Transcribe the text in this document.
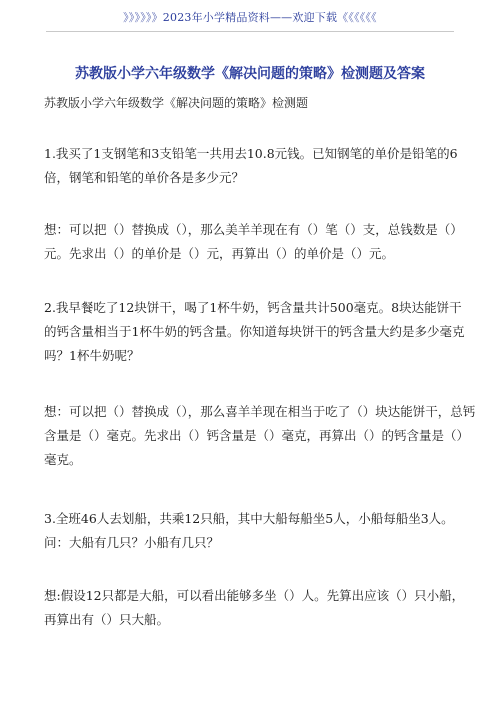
》》》》》》2023年小学精品资料——欢迎下载《《《《《《
苏教版小学六年级数学《解决问题的策略》检测题及答案
苏教版小学六年级数学《解决问题的策略》检测题
1.我买了1支钢笔和3支铅笔一共用去10.8元钱。已知钢笔的单价是铅笔的6
倍，钢笔和铅笔的单价各是多少元？
想：可以把（）替换成（），那么美羊羊现在有（）笔（）支，总钱数是（）
元。先求出（）的单价是（）元，再算出（）的单价是（）元。
2.我早餐吃了12块饼干，喝了1杯牛奶，钙含量共计500毫克。8块达能饼干
的钙含量相当于1杯牛奶的钙含量。你知道每块饼干的钙含量大约是多少毫克
吗？1杯牛奶呢？
想：可以把（）替换成（），那么喜羊羊现在相当于吃了（）块达能饼干，总钙
含量是（）毫克。先求出（）钙含量是（）毫克，再算出（）的钙含量是（）
毫克。
3.全班46人去划船，共乘12只船，其中大船每船坐5人，小船每船坐3人。
问：大船有几只？小船有几只？
想:假设12只都是大船，可以看出能够多坐（）人。先算出应该（）只小船，
再算出有（）只大船。
